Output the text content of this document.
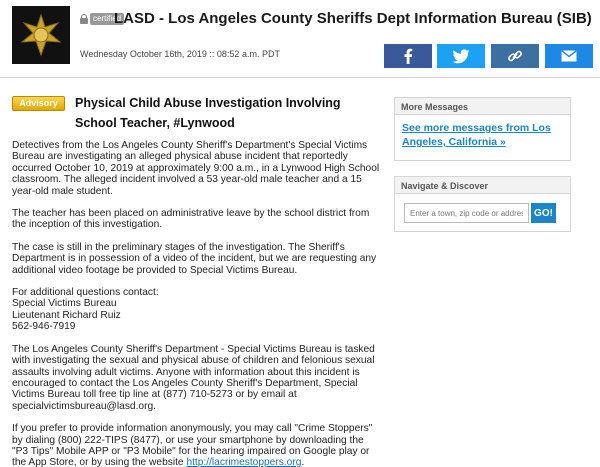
certified
LASD - Los Angeles County Sheriffs Dept Information Bureau (SIB)
Wednesday October 16th, 2019 :: 08:52 a.m. PDT
Advisory	Physical Child Abuse Investigation Involving School Teacher, #Lynwood

Detectives from the Los Angeles County Sheriff's Department's Special Victims Bureau are investigating an alleged physical abuse incident that reportedly occurred October 10, 2019 at approximately 9:00 a.m., in a Lynwood High School classroom. The alleged incident involved a 53 year-old male teacher and a 15 year-old male student.

The teacher has been placed on administrative leave by the school district from the inception of this investigation.

The case is still in the preliminary stages of the investigation. The Sheriff's Department is in possession of a video of the incident, but we are requesting any additional video footage be provided to Special Victims Bureau.

For additional questions contact:
Special Victims Bureau
Lieutenant Richard Ruiz
562-946-7919

The Los Angeles County Sheriff's Department - Special Victims Bureau is tasked with investigating the sexual and physical abuse of children and felonious sexual assaults involving adult victims. Anyone with information about this incident is encouraged to contact the Los Angeles County Sheriff's Department, Special Victims Bureau toll free tip line at (877) 710-5273 or by email at specialvictimsbureau@lasd.org.

If you prefer to provide information anonymously, you may call "Crime Stoppers" by dialing (800) 222-TIPS (8477), or use your smartphone by downloading the "P3 Tips" Mobile APP or "P3 Mobile" for the hearing impaired on Google play or the App Store, or by using the website http://lacrimestoppers.org.

More Messages
See more messages from Los Angeles, California »
Navigate & Discover
Enter a town, zip code or address
GO!
